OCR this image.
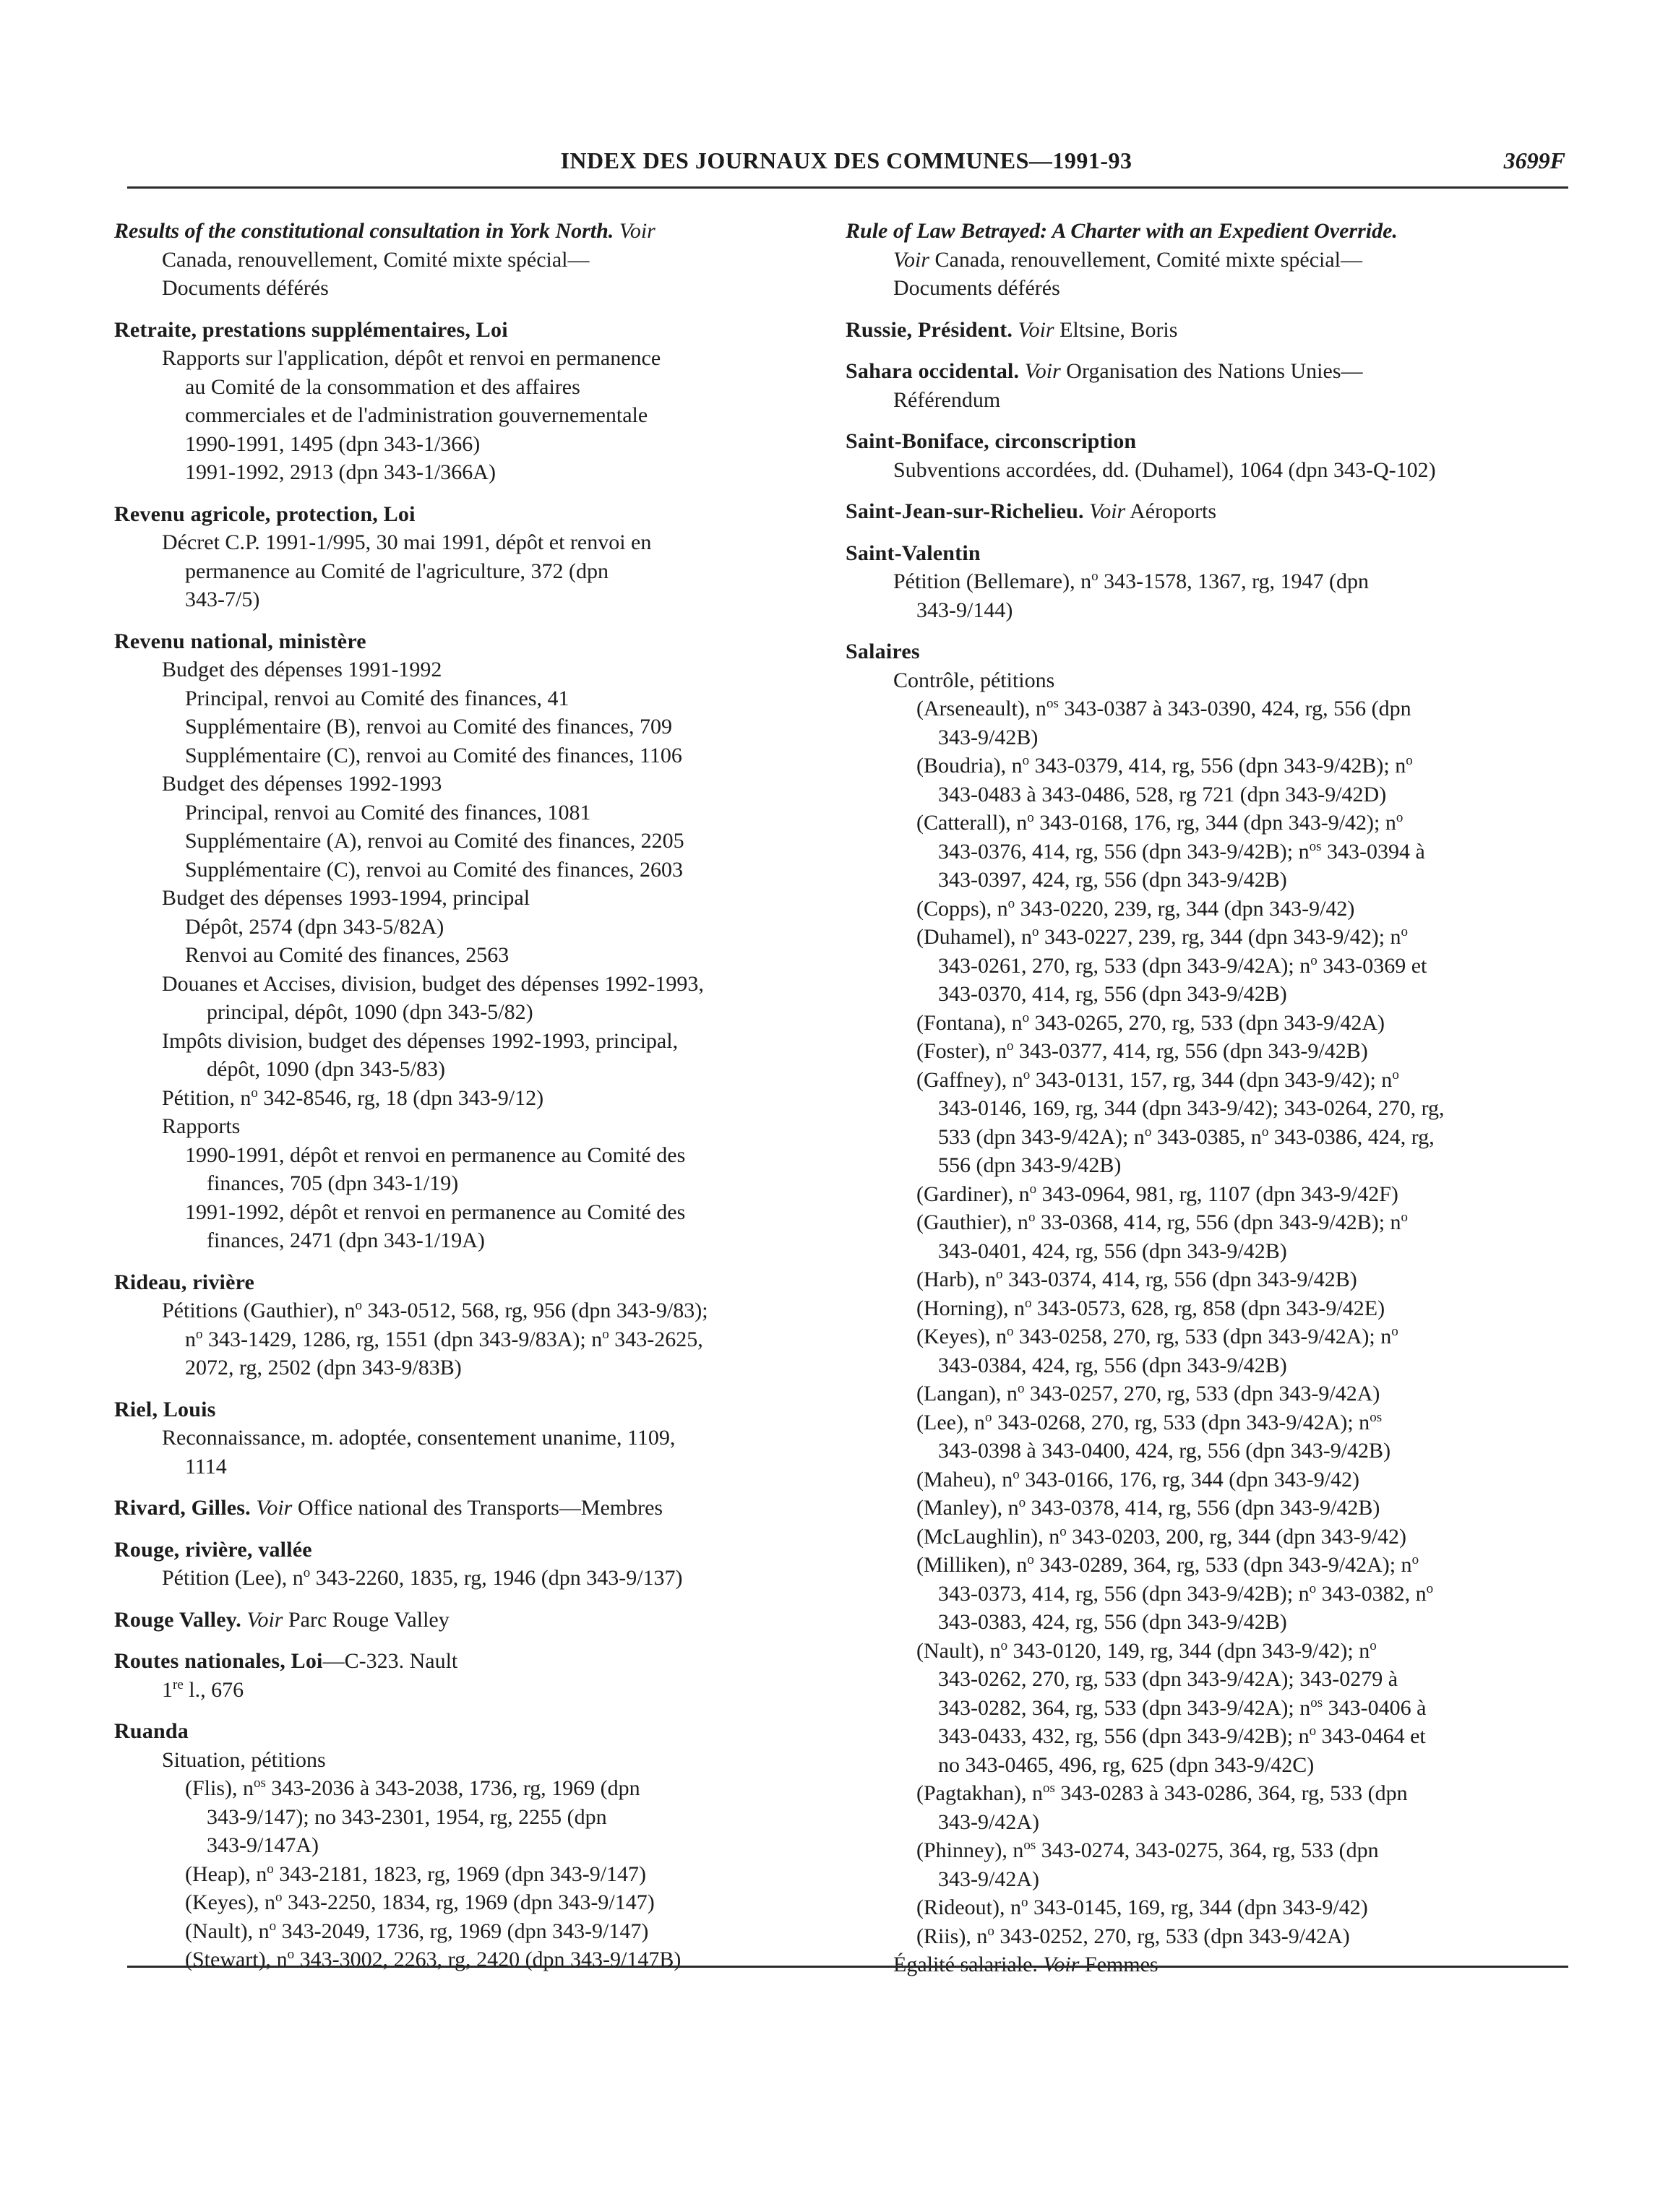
INDEX DES JOURNAUX DES COMMUNES—1991-93	3699F
Results of the constitutional consultation in York North. Voir
Canada, renouvellement, Comité mixte spécial—
Documents déférés
Retraite, prestations supplémentaires, Loi
Rapports sur l'application, dépôt et renvoi en permanence
au Comité de la consommation et des affaires
commerciales et de l'administration gouvernementale
1990-1991, 1495 (dpn 343-1/366)
1991-1992, 2913 (dpn 343-1/366A)
Revenu agricole, protection, Loi
Décret C.P. 1991-1/995, 30 mai 1991, dépôt et renvoi en
permanence au Comité de l'agriculture, 372 (dpn
343-7/5)
Revenu national, ministère
Budget des dépenses 1991-1992
Principal, renvoi au Comité des finances, 41
Supplémentaire (B), renvoi au Comité des finances, 709
Supplémentaire (C), renvoi au Comité des finances, 1106
Budget des dépenses 1992-1993
Principal, renvoi au Comité des finances, 1081
Supplémentaire (A), renvoi au Comité des finances, 2205
Supplémentaire (C), renvoi au Comité des finances, 2603
Budget des dépenses 1993-1994, principal
Dépôt, 2574 (dpn 343-5/82A)
Renvoi au Comité des finances, 2563
Douanes et Accises, division, budget des dépenses 1992-1993,
principal, dépôt, 1090 (dpn 343-5/82)
Impôts division, budget des dépenses 1992-1993, principal,
dépôt, 1090 (dpn 343-5/83)
Pétition, $n^o$ 342-8546, rg, 18 (dpn 343-9/12)
Rapports
1990-1991, dépôt et renvoi en permanence au Comité des
finances, 705 (dpn 343-1/19)
1991-1992, dépôt et renvoi en permanence au Comité des
finances, 2471 (dpn 343-1/19A)
Rideau, rivière
Pétitions (Gauthier), $n^o$ 343-0512, 568, rg, 956 (dpn 343-9/83);
$n^o$ 343-1429, 1286, rg, 1551 (dpn 343-9/83A); $n^o$ 343-2625,
2072, rg, 2502 (dpn 343-9/83B)
Riel, Louis
Reconnaissance, m. adoptée, consentement unanime, 1109,
1114
Rivard, Gilles. Voir Office national des Transports—Membres
Rouge, rivière, vallée
Pétition (Lee), $n^o$ 343-2260, 1835, rg, 1946 (dpn 343-9/137)
Rouge Valley. Voir Parc Rouge Valley
Routes nationales, Loi—C-323. Nault
1re l., 676
Ruanda
Situation, pétitions
(Flis), $n^{os}$ 343-2036 à 343-2038, 1736, rg, 1969 (dpn
343-9/147); no 343-2301, 1954, rg, 2255 (dpn
343-9/147A)
(Heap), $n^o$ 343-2181, 1823, rg, 1969 (dpn 343-9/147)
(Keyes), $n^o$ 343-2250, 1834, rg, 1969 (dpn 343-9/147)
(Nault), $n^o$ 343-2049, 1736, rg, 1969 (dpn 343-9/147)
(Stewart), $n^o$ 343-3002, 2263, rg, 2420 (dpn 343-9/147B)
Rule of Law Betrayed: A Charter with an Expedient Override.
Voir Canada, renouvellement, Comité mixte spécial—
Documents déférés
Russie, Président. Voir Eltsine, Boris
Sahara occidental. Voir Organisation des Nations Unies—
Référendum
Saint-Boniface, circonscription
Subventions accordées, dd. (Duhamel), 1064 (dpn 343-Q-102)
Saint-Jean-sur-Richelieu. Voir Aéroports
Saint-Valentin
Pétition (Bellemare), $n^o$ 343-1578, 1367, rg, 1947 (dpn
343-9/144)
Salaires
Contrôle, pétitions
(Arseneault), $n^{os}$ 343-0387 à 343-0390, 424, rg, 556 (dpn
343-9/42B)
(Boudria), $n^o$ 343-0379, 414, rg, 556 (dpn 343-9/42B); $n^o$
343-0483 à 343-0486, 528, rg 721 (dpn 343-9/42D)
(Catterall), $n^o$ 343-0168, 176, rg, 344 (dpn 343-9/42); $n^o$
343-0376, 414, rg, 556 (dpn 343-9/42B); $n^{os}$ 343-0394 à
343-0397, 424, rg, 556 (dpn 343-9/42B)
(Copps), $n^o$ 343-0220, 239, rg, 344 (dpn 343-9/42)
(Duhamel), $n^o$ 343-0227, 239, rg, 344 (dpn 343-9/42); $n^o$
343-0261, 270, rg, 533 (dpn 343-9/42A); $n^o$ 343-0369 et
343-0370, 414, rg, 556 (dpn 343-9/42B)
(Fontana), $n^o$ 343-0265, 270, rg, 533 (dpn 343-9/42A)
(Foster), $n^o$ 343-0377, 414, rg, 556 (dpn 343-9/42B)
(Gaffney), $n^o$ 343-0131, 157, rg, 344 (dpn 343-9/42); $n^o$
343-0146, 169, rg, 344 (dpn 343-9/42); 343-0264, 270, rg,
533 (dpn 343-9/42A); $n^o$ 343-0385, $n^o$ 343-0386, 424, rg,
556 (dpn 343-9/42B)
(Gardiner), $n^o$ 343-0964, 981, rg, 1107 (dpn 343-9/42F)
(Gauthier), $n^o$ 33-0368, 414, rg, 556 (dpn 343-9/42B); $n^o$
343-0401, 424, rg, 556 (dpn 343-9/42B)
(Harb), $n^o$ 343-0374, 414, rg, 556 (dpn 343-9/42B)
(Horning), $n^o$ 343-0573, 628, rg, 858 (dpn 343-9/42E)
(Keyes), $n^o$ 343-0258, 270, rg, 533 (dpn 343-9/42A); $n^o$
343-0384, 424, rg, 556 (dpn 343-9/42B)
(Langan), $n^o$ 343-0257, 270, rg, 533 (dpn 343-9/42A)
(Lee), $n^o$ 343-0268, 270, rg, 533 (dpn 343-9/42A); $n^{os}$
343-0398 à 343-0400, 424, rg, 556 (dpn 343-9/42B)
(Maheu), $n^o$ 343-0166, 176, rg, 344 (dpn 343-9/42)
(Manley), $n^o$ 343-0378, 414, rg, 556 (dpn 343-9/42B)
(McLaughlin), $n^o$ 343-0203, 200, rg, 344 (dpn 343-9/42)
(Milliken), $n^o$ 343-0289, 364, rg, 533 (dpn 343-9/42A); $n^o$
343-0373, 414, rg, 556 (dpn 343-9/42B); $n^o$ 343-0382, $n^o$
343-0383, 424, rg, 556 (dpn 343-9/42B)
(Nault), $n^o$ 343-0120, 149, rg, 344 (dpn 343-9/42); $n^o$
343-0262, 270, rg, 533 (dpn 343-9/42A); 343-0279 à
343-0282, 364, rg, 533 (dpn 343-9/42A); $n^{os}$ 343-0406 à
343-0433, 432, rg, 556 (dpn 343-9/42B); $n^o$ 343-0464 et
no 343-0465, 496, rg, 625 (dpn 343-9/42C)
(Pagtakhan), $n^{os}$ 343-0283 à 343-0286, 364, rg, 533 (dpn
343-9/42A)
(Phinney), $n^{os}$ 343-0274, 343-0275, 364, rg, 533 (dpn
343-9/42A)
(Rideout), $n^o$ 343-0145, 169, rg, 344 (dpn 343-9/42)
(Riis), $n^o$ 343-0252, 270, rg, 533 (dpn 343-9/42A)
Égalité salariale. Voir Femmes
